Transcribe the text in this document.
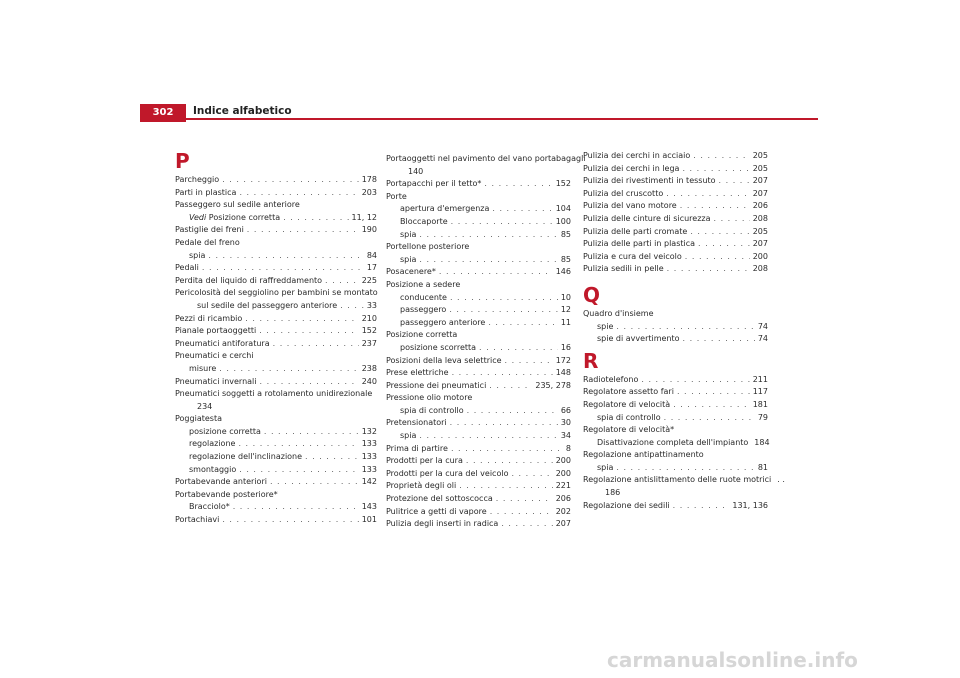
302	Indice alfabetico
P
Parcheggio . . .	178
Parti in plastica . . .	203
Passeggero sul sedile anteriore
Vedi Posizione corretta . . .	11, 12
Pastiglie dei freni . . .	190
Pedale del freno
spia . . .	84
Pedali . . .	17
Perdita del liquido di raffreddamento . . .	225
Pericolosità del seggiolino per bambini se montato
sul sedile del passeggero anteriore . . .	33
Pezzi di ricambio . . .	210
Pianale portaoggetti . . .	152
Pneumatici antiforatura . . .	237
Pneumatici e cerchi
misure . . .	238
Pneumatici invernali . . .	240
Pneumatici soggetti a rotolamento unidirezionale
234
Poggiatesta
posizione corretta . . .	132
regolazione . . .	133
regolazione dell'inclinazione . . .	133
smontaggio . . .	133
Portabevande anteriori . . .	142
Portabevande posteriore*
Bracciolo* . . .	143
Portachiavi . . .	101
Portaoggetti nel pavimento del vano portabagagli
140
Portapacchi per il tetto* . . .	152
Porte
apertura d'emergenza . . .	104
Bloccaporte . . .	100
spia . . .	85
Portellone posteriore
spia . . .	85
Posacenere* . . .	146
Posizione a sedere
conducente . . .	10
passeggero . . .	12
passeggero anteriore . . .	11
Posizione corretta
posizione scorretta . . .	16
Posizioni della leva selettrice . . .	172
Prese elettriche . . .	148
Pressione dei pneumatici . . .	235, 278
Pressione olio motore
spia di controllo . . .	66
Pretensionatori . . .	30
spia . . .	34
Prima di partire . . .	8
Prodotti per la cura . . .	200
Prodotti per la cura del veicolo . . .	200
Proprietà degli oli . . .	221
Protezione del sottoscocca . . .	206
Pulitrice a getti di vapore . . .	202
Pulizia degli inserti in radica . . .	207
Pulizia dei cerchi in acciaio . . .	205
Pulizia dei cerchi in lega . . .	205
Pulizia dei rivestimenti in tessuto . . .	207
Pulizia del cruscotto . . .	207
Pulizia del vano motore . . .	206
Pulizia delle cinture di sicurezza . . .	208
Pulizia delle parti cromate . . .	205
Pulizia delle parti in plastica . . .	207
Pulizia e cura del veicolo . . .	200
Pulizia sedili in pelle . . .	208
Q
Quadro d'insieme
spie . . .	74
spie di avvertimento . . .	74
R
Radiotelefono . . .	211
Regolatore assetto fari . . .	117
Regolatore di velocità . . .	181
spia di controllo . . .	79
Regolatore di velocità*
Disattivazione completa dell'impianto 184
Regolazione antipattinamento
spia . . .	81
Regolazione antislittamento delle ruote motrici . .
186
Regolazione dei sedili . . .	131, 136
carmanualsonline.info
